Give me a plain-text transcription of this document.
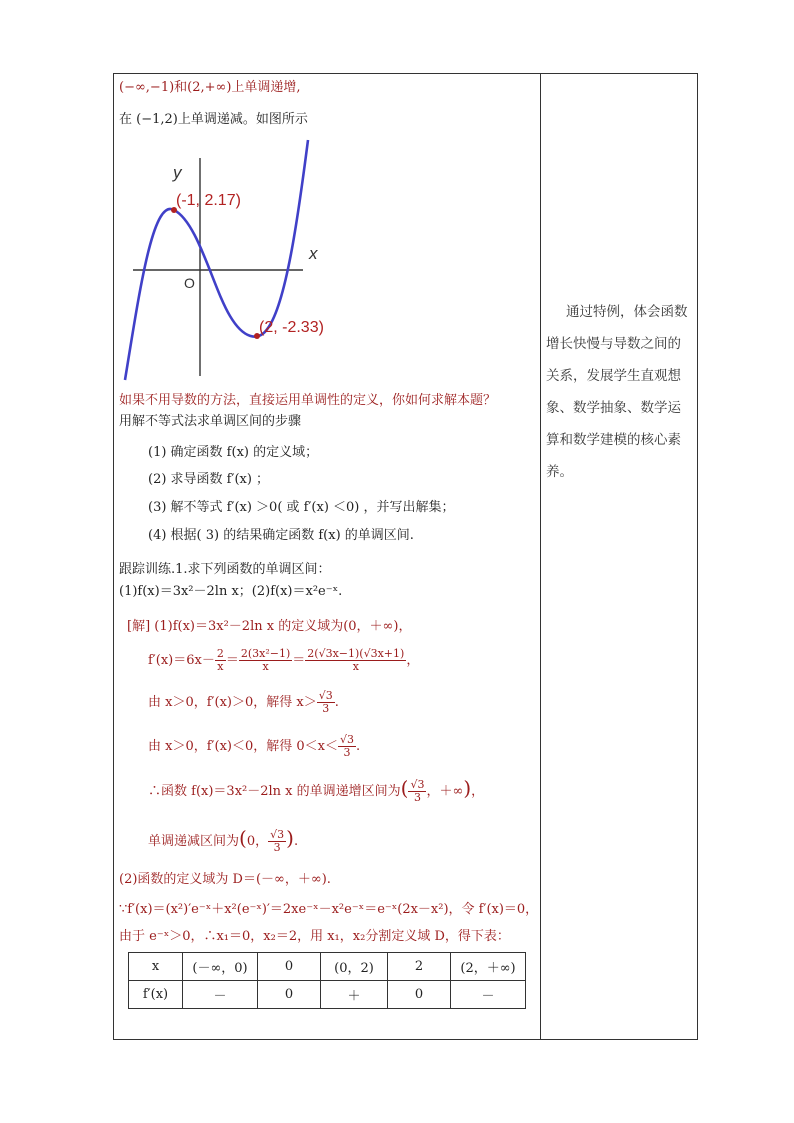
(−∞,−1)和(2,+∞)上单调递增,
在 (−1,2)上单调递减。如图所示
y
x
O
(-1, 2.17)
(2, -2.33)
如果不用导数的方法，直接运用单调性的定义，你如何求解本题？
用解不等式法求单调区间的步骤
(1) 确定函数 f(x) 的定义域；
(2) 求导函数 f′(x) ；
(3) 解不等式 f′(x) ＞0( 或 f′(x) ＜0) ，并写出解集；
(4) 根据( 3) 的结果确定函数 f(x) 的单调区间.
跟踪训练.1.求下列函数的单调区间：
(1)f(x)＝3x²－2ln x；(2)f(x)＝x²e⁻ˣ.
[解] (1)f(x)＝3x²－2ln x 的定义域为(0，＋∞)，
$f'(x)=6x- \frac{2}{x} = \frac{\text{2(3x²−1)}}{x} = \frac{2(√3x-1)(√3x+1)}{x}$ ，
由 x＞0，f′(x)＞0，解得 $x> \frac{√3}{3}$ .
由 x＞0，f′(x)＜0，解得 $0<x< \frac{√3}{3}$ .
∴函数 f(x)＝3x²－2ln x 的单调递增区间为( $\frac{√3}{3}$ ，＋∞)，
单调递减区间为(0， $\frac{√3}{3}$ ).
(2)函数的定义域为 D＝(－∞，＋∞).
∵f′(x)＝(x²)′e⁻ˣ＋x²(e⁻ˣ)′＝2xe⁻ˣ－x²e⁻ˣ＝e⁻ˣ(2x－x²)，令 f′(x)＝0，
由于 e⁻ˣ＞0，∴x₁＝0，x₂＝2，用 x₁，x₂分割定义域 D，得下表：
x	(－∞，0)	0	(0，2)	2	(2，＋∞)
f′(x)	－	0	＋	0	－
通过特例，体会函数
增长快慢与导数之间的
关系，发展学生直观想
象、数学抽象、数学运
算和数学建模的核心素
养。
